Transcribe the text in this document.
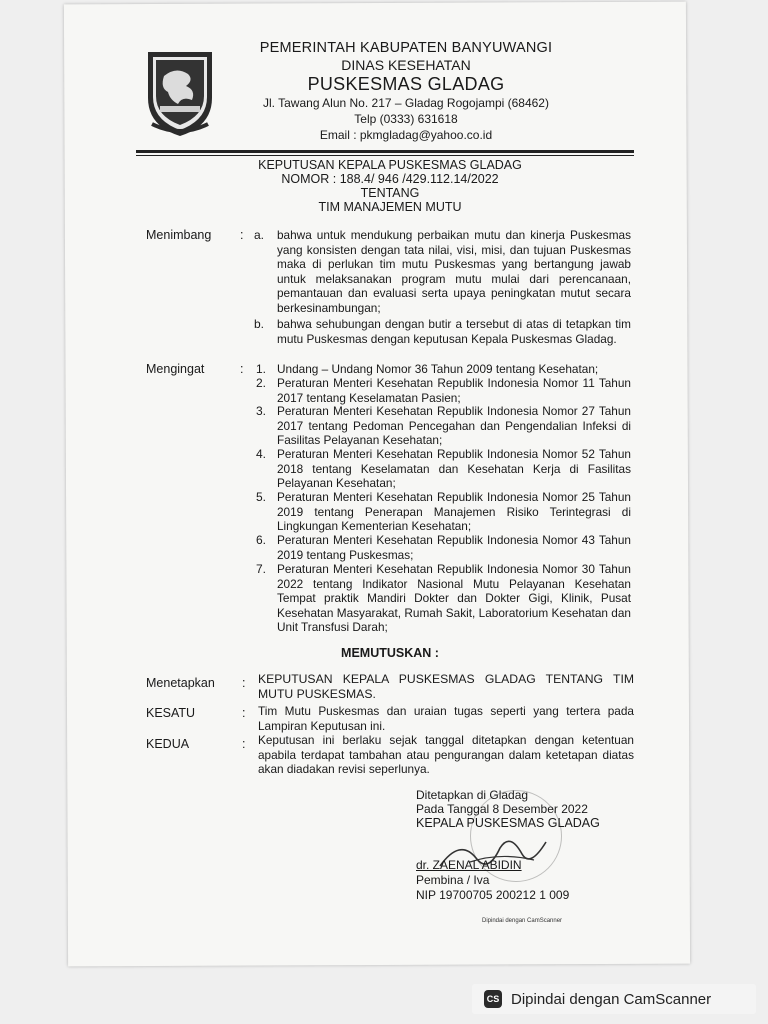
PEMERINTAH KABUPATEN BANYUWANGI
DINAS KESEHATAN
PUSKESMAS GLADAG
Jl. Tawang Alun No. 217 – Gladag Rogojampi (68462)
Telp (0333) 631618
Email : pkmgladag@yahoo.co.id
KEPUTUSAN KEPALA PUSKESMAS GLADAG
NOMOR : 188.4/ 946 /429.112.14/2022
TENTANG
TIM MANAJEMEN MUTU
Menimbang : a. bahwa untuk mendukung perbaikan mutu dan kinerja Puskesmas yang konsisten dengan tata nilai, visi, misi, dan tujuan Puskesmas maka di perlukan tim mutu Puskesmas yang bertangung jawab untuk melaksanakan program mutu mulai dari perencanaan, pemantauan dan evaluasi serta upaya peningkatan mutut secara berkesinambungan;
b. bahwa sehubungan dengan butir a tersebut di atas di tetapkan tim mutu Puskesmas dengan keputusan Kepala Puskesmas Gladag.
Mengingat	: 1. Undang – Undang Nomor 36 Tahun 2009 tentang Kesehatan;
2. Peraturan Menteri Kesehatan Republik Indonesia Nomor 11 Tahun 2017 tentang Keselamatan Pasien;
3. Peraturan Menteri Kesehatan Republik Indonesia Nomor 27 Tahun 2017 tentang Pedoman Pencegahan dan Pengendalian Infeksi di Fasilitas Pelayanan Kesehatan;
4. Peraturan Menteri Kesehatan Republik Indonesia Nomor 52 Tahun 2018 tentang Keselamatan dan Kesehatan Kerja di Fasilitas Pelayanan Kesehatan;
5. Peraturan Menteri Kesehatan Republik Indonesia Nomor 25 Tahun 2019 tentang Penerapan Manajemen Risiko Terintegrasi di Lingkungan Kementerian Kesehatan;
6. Peraturan Menteri Kesehatan Republik Indonesia Nomor 43 Tahun 2019 tentang Puskesmas;
7. Peraturan Menteri Kesehatan Republik Indonesia Nomor 30 Tahun 2022 tentang Indikator Nasional Mutu Pelayanan Kesehatan Tempat praktik Mandiri Dokter dan Dokter Gigi, Klinik, Pusat Kesehatan Masyarakat, Rumah Sakit, Laboratorium Kesehatan dan Unit Transfusi Darah;
MEMUTUSKAN :
Menetapkan : KEPUTUSAN KEPALA PUSKESMAS GLADAG TENTANG TIM MUTU PUSKESMAS.
KESATU	: Tim Mutu Puskesmas dan uraian tugas seperti yang tertera pada Lampiran Keputusan ini.
KEDUA	: Keputusan ini berlaku sejak tanggal ditetapkan dengan ketentuan apabila terdapat tambahan atau pengurangan dalam ketetapan diatas akan diadakan revisi seperlunya.
Ditetapkan di Gladag
Pada Tanggal 8 Desember 2022
KEPALA PUSKESMAS GLADAG
dr. ZAENAL ABIDIN
Pembina / Iva
NIP 19700705 200212 1 009
Dipindai dengan CamScanner
CS Dipindai dengan CamScanner
